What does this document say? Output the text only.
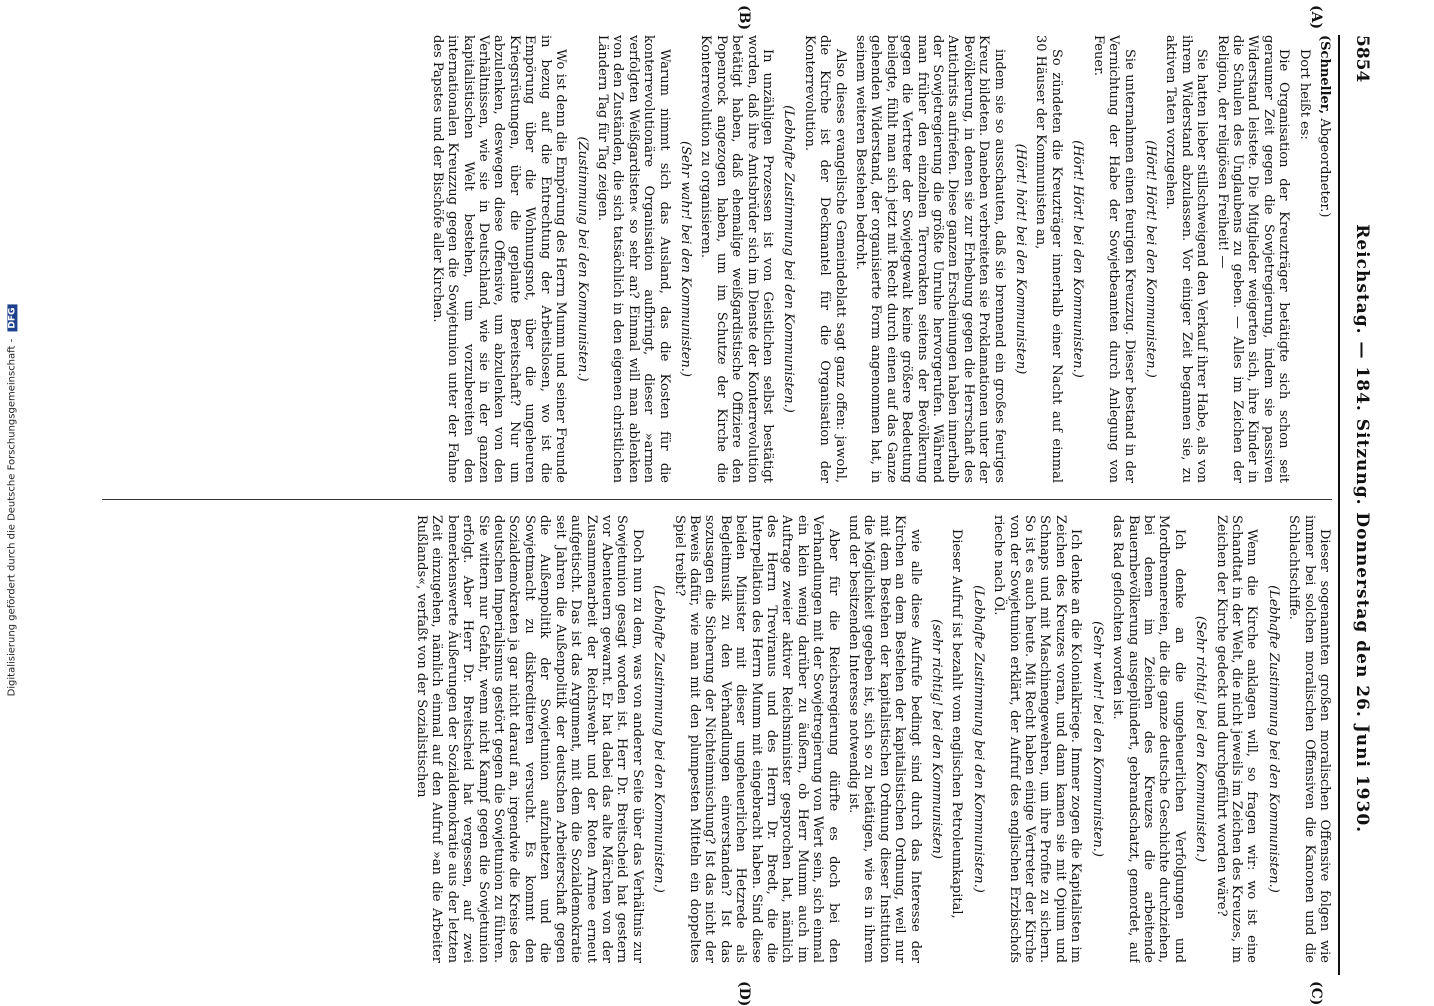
Digitalisierung gefördert durch die Deutsche Forschungsgemeinschaft - DFG
5854
Reichstag. — 184. Sitzung. Donnerstag den 26. Juni 1930.
(A)
(B)
(C)
(D)

(Schneller, Abgeordneter.)

Dort heißt es:

Die Organisation der Kreuzträger betätigte sich schon seit geraumer Zeit gegen die Sowjetregierung, indem sie passiven Widerstand leistete. Die Mitglieder weigerten sich, ihre Kinder in die Schulen des Unglaubens zu geben. — Alles im Zeichen der Religion, der religiösen Freiheit! —

Sie hatten lieber stillschweigend den Verkauf ihrer Habe, als von ihrem Widerstand abzulassen. Vor einiger Zeit begannen sie, zu aktiven Taten vorzugehen.

(Hört! Hört! bei den Kommunisten.)

Sie unternahmen einen feurigen Kreuzzug. Dieser bestand in der Vernichtung der Habe der Sowjetbeamten durch Anlegung von Feuer.

(Hört! Hört! bei den Kommunisten.)

So zündeten die Kreuzträger innerhalb einer Nacht auf einmal 30 Häuser der Kommunisten an,

(Hört! hört! bei den Kommunisten)

indem sie so ausschauten, daß sie brennend ein großes feuriges Kreuz bildeten. Daneben verbreiteten sie Proklamationen unter der Bevölkerung, in denen sie zur Erhebung gegen die Herrschaft des Antichrists aufriefen. Diese ganzen Erscheinungen haben innerhalb der Sowjetregierung die größte Unruhe hervorgerufen. Während man früher den einzelnen Terrorakten seitens der Bevölkerung gegen die Vertreter der Sowjetgewalt keine größere Bedeutung beilegte, fühlt man sich jetzt mit Recht durch einen auf das Ganze gehenden Widerstand, der organisierte Form angenommen hat, in seinem weiteren Bestehen bedroht.

Also dieses evangelische Gemeindeblatt sagt ganz offen: jawohl, die Kirche ist der Deckmantel für die Organisation der Konterrevolution.

(Lebhafte Zustimmung bei den Kommunisten.)

In unzähligen Prozessen ist von Geistlichen selbst bestätigt worden, daß ihre Amtsbrüder sich im Dienste der Konterrevolution betätigt haben, daß ehemalige weißgardistische Offiziere den Popenrock angezogen haben, um im Schutze der Kirche die Konterrevolution zu organisieren.

(Sehr wahr! bei den Kommunisten.)

Warum nimmt sich das Ausland, das die Kosten für die konterrevolutionäre Organisation aufbringt, dieser »armen verfolgten Weißgardisten« so sehr an? Einmal will man ablenken von den Zuständen, die sich tatsächlich in den eigenen christlichen Ländern Tag für Tag zeigen.

(Zustimmung bei den Kommunisten.)

Wo ist denn die Empörung des Herrn Mumm und seiner Freunde in bezug auf die Entrechtung der Arbeitslosen, wo ist die Empörung über die Wohnungsnot, über die ungeheuren Kriegsrüstungen, über die geplante Bereitschaft? Nur um abzulenken, deswegen diese Offensive, um abzulenken von den Verhältnissen, wie sie in Deutschland, wie sie in der ganzen kapitalistischen Welt bestehen, um vorzubereiten den internationalen Kreuzzug gegen die Sowjetunion unter der Fahne des Papstes und der Bischöfe aller Kirchen.

Dieser sogenannten großen moralischen Offensive folgen wie immer bei solchen moralischen Offensiven die Kanonen und die Schlachtschiffe.

(Lebhafte Zustimmung bei den Kommunisten.)

Wenn die Kirche anklagen will, so fragen wir: wo ist eine Schandtat in der Welt, die nicht jeweils im Zeichen des Kreuzes, im Zeichen der Kirche gedeckt und durchgeführt worden wäre?

(Sehr richtig! bei den Kommunisten.)

Ich denke an die ungeheuerlichen Verfolgungen und Mordbrennereien, die die ganze deutsche Geschichte durchziehen, bei denen im Zeichen des Kreuzes die arbeitende Bauernbevölkerung ausgeplündert, gebrandschatzt, gemordet, auf das Rad geflochten worden ist.

(Sehr wahr! bei den Kommunisten.)

Ich denke an die Kolonialkriege. Immer zogen die Kapitalisten im Zeichen des Kreuzes voran, und dann kamen sie mit Opium und Schnaps und mit Maschinengewehren, um ihre Profite zu sichern. So ist es auch heute. Mit Recht haben einige Vertreter der Kirche von der Sowjetunion erklärt, der Aufruf des englischen Erzbischofs rieche nach Öl.

(Lebhafte Zustimmung bei den Kommunisten.)

Dieser Aufruf ist bezahlt vom englischen Petroleumkapital,

(sehr richtig! bei den Kommunisten)

wie alle diese Aufrufe bedingt sind durch das Interesse der Kirchen an dem Bestehen der kapitalistischen Ordnung, weil nur mit dem Bestehen der kapitalistischen Ordnung dieser Institution die Möglichkeit gegeben ist, sich so zu betätigen, wie es in ihrem und der besitzenden Interesse notwendig ist.

Aber für die Reichsregierung dürfte es doch bei den Verhandlungen mit der Sowjetregierung von Wert sein, sich einmal ein klein wenig darüber zu äußern, ob Herr Mumm auch im Auftrage zweier aktiver Reichsminister gesprochen hat, nämlich des Herrn Treviranus und des Herrn Dr. Bredt, die die Interpellation des Herrn Mumm mit eingebracht haben. Sind diese beiden Minister mit dieser ungeheuerlichen Hetzrede als Begleitmusik zu den Verhandlungen einverstanden? Ist das sozusagen die Sicherung der Nichteinmischung? Ist das nicht der Beweis dafür, wie man mit den plumpesten Mitteln ein doppeltes Spiel treibt?

(Lebhafte Zustimmung bei den Kommunisten.)

Doch nun zu dem, was von anderer Seite über das Verhältnis zur Sowjetunion gesagt worden ist. Herr Dr. Breitscheid hat gestern vor Abenteuern gewarnt. Er hat dabei das alte Märchen von der Zusammenarbeit der Reichswehr und der Roten Armee erneut aufgetischt. Das ist das Argument, mit dem die Sozialdemokratie seit Jahren die Außenpolitik der deutschen Arbeiterschaft gegen die Außenpolitik der Sowjetunion aufzuhetzen und die Sowjetmacht zu diskreditieren versucht. Es kommt den Sozialdemokraten ja gar nicht darauf an, irgendwie die Kreise des deutschen Imperialismus gestört gegen die Sowjetunion zu führen. Sie wittern nur Gefahr, wenn nicht Kampf gegen die Sowjetunion erfolgt. Aber Herr Dr. Breitscheid hat vergessen, auf zwei bemerkenswerte Äußerungen der Sozialdemokratie aus der letzten Zeit einzugehen, nämlich einmal auf den Aufruf »an die Arbeiter Rußlands«, verfaßt von der Sozialistischen
